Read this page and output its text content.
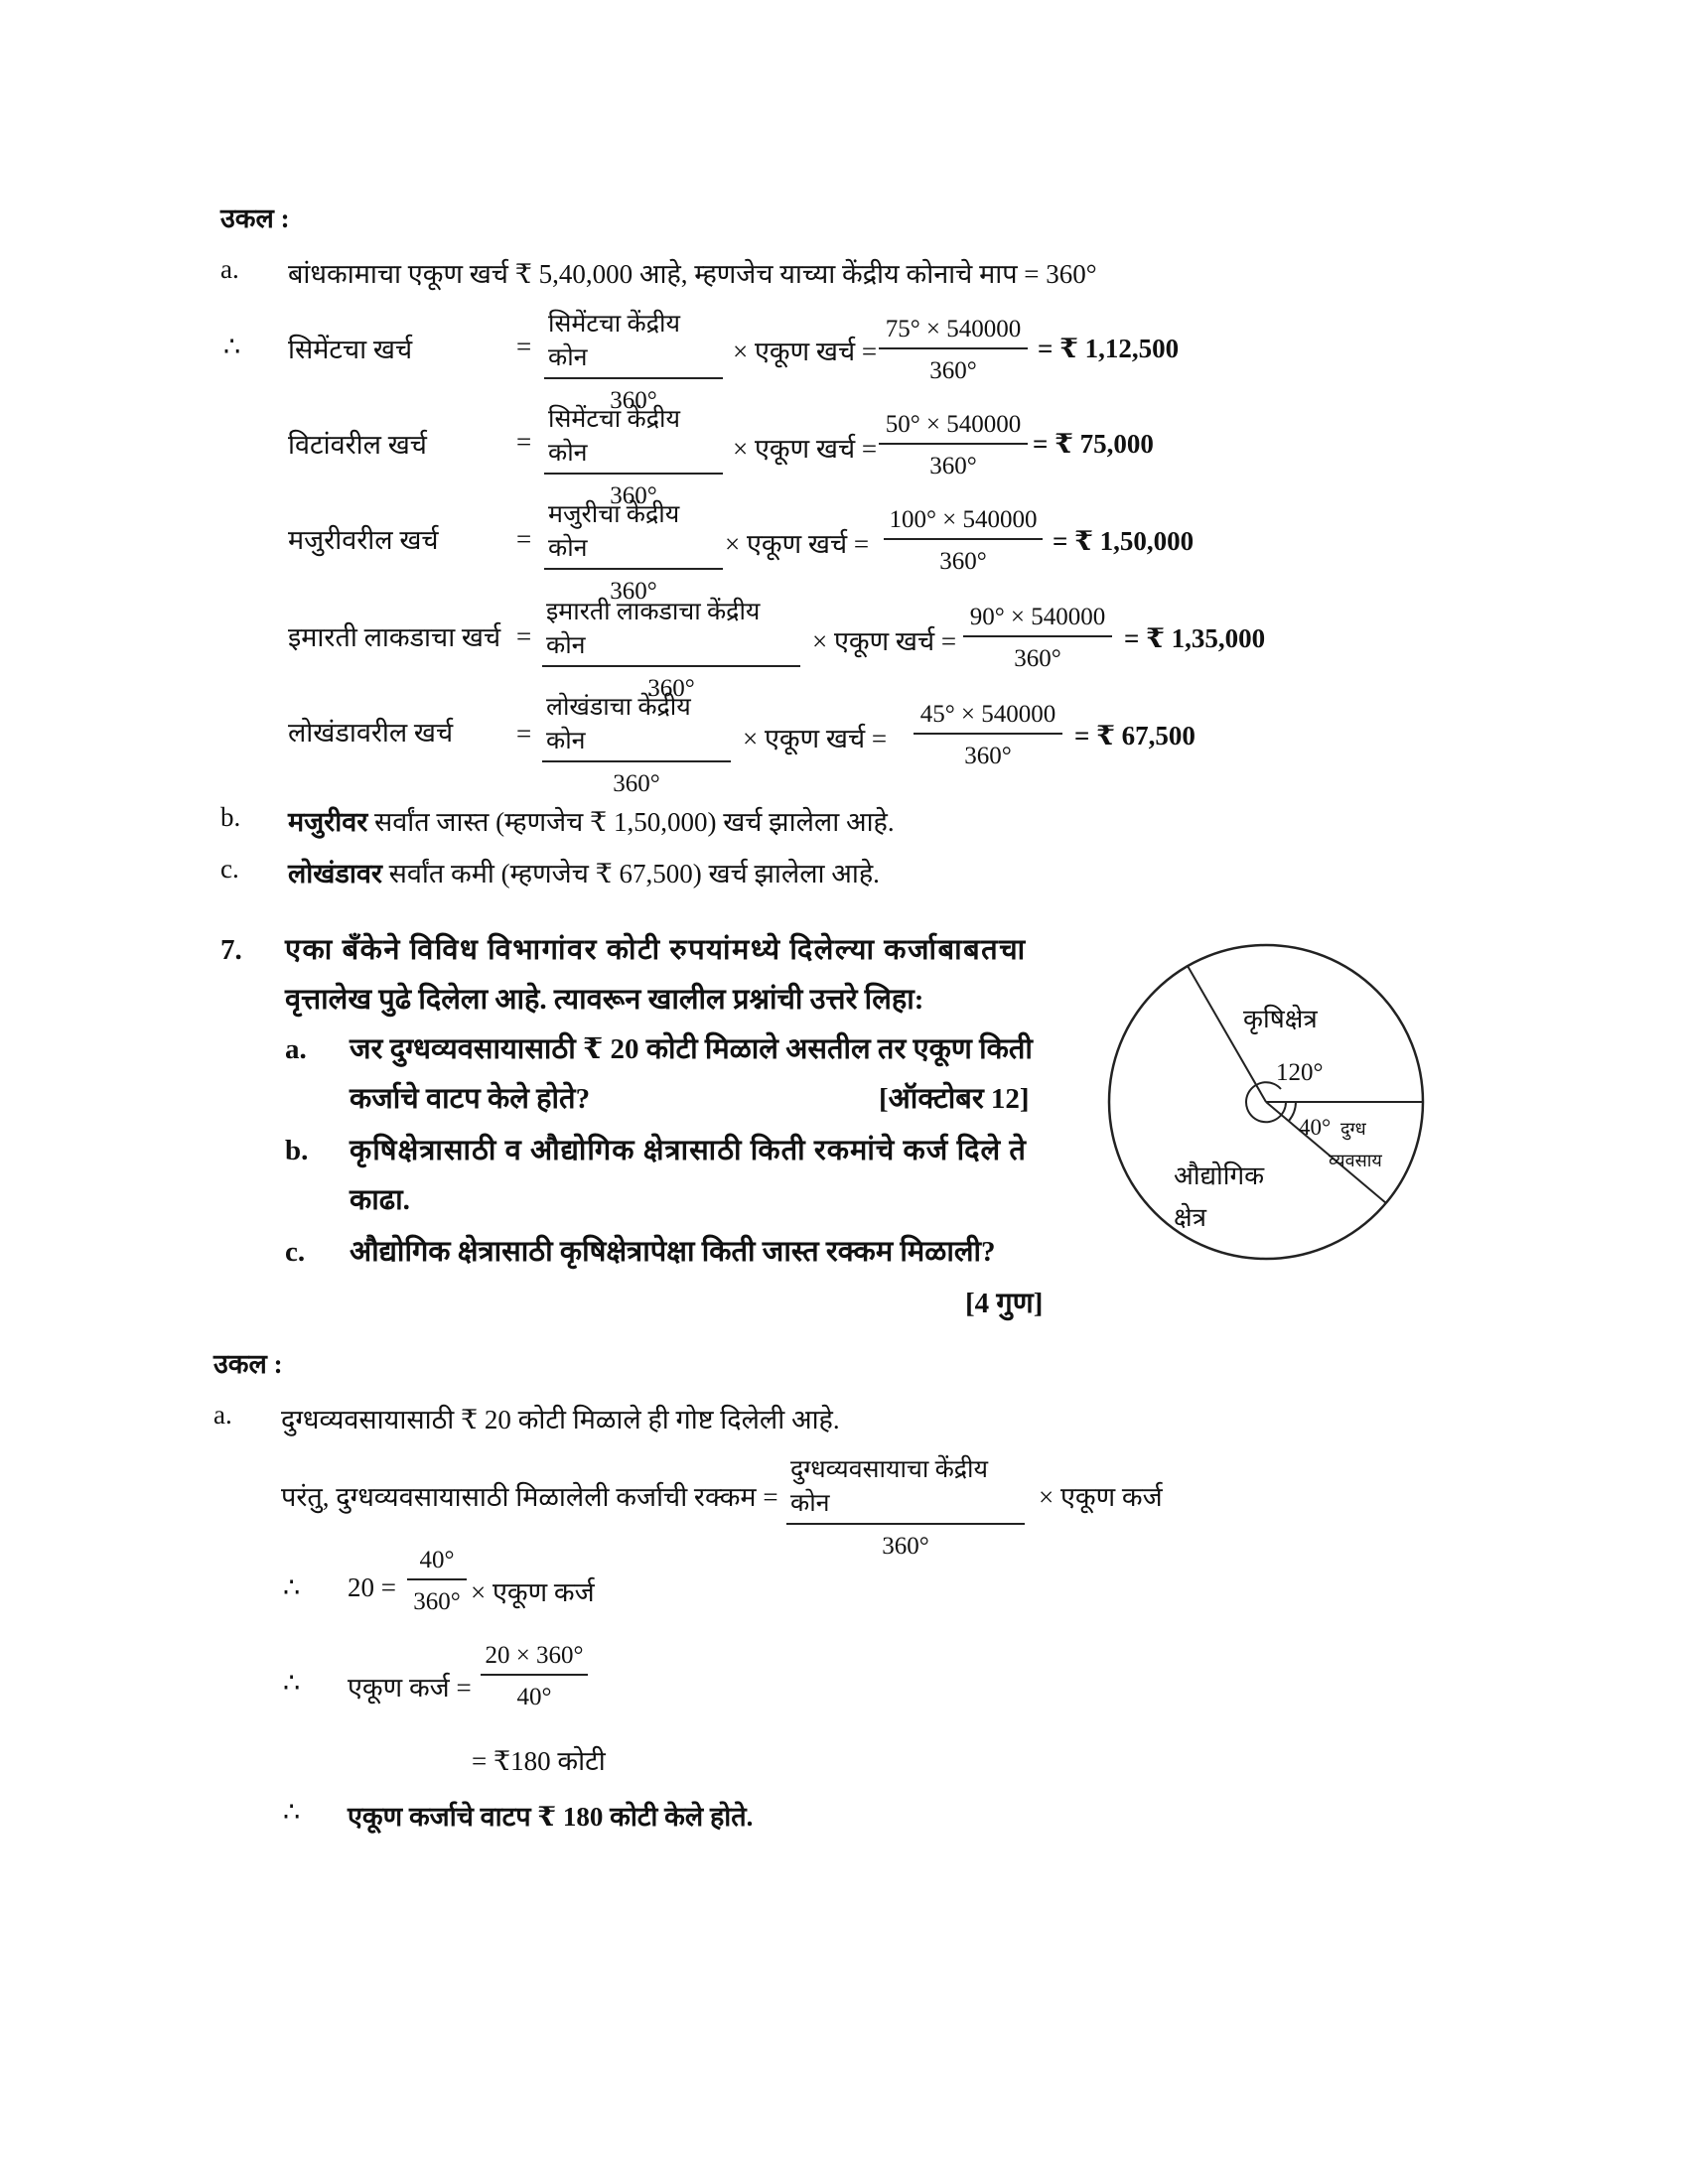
उकल :
a. बांधकामाचा एकूण खर्च ₹ 5,40,000 आहे, म्हणजेच याच्या केंद्रीय कोनाचे माप = 360°
∴ सिमेंटचा खर्च	=
सिमेंटचा केंद्रीय कोन
360°
× एकूण खर्च = $\frac{75^\circ \times 540000}{360^\circ}$ = ₹ 1,12,500
विटांवरील खर्च	=
सिमेंटचा केंद्रीय कोन
360°
× एकूण खर्च = $\frac{50^\circ \times 540000}{360^\circ}$ = ₹ 75,000
मजुरीवरील खर्च	=
मजुरीचा केंद्रीय कोन
360°
× एकूण खर्च = $\frac{100^\circ \times 540000}{360^\circ}$ = ₹ 1,50,000
इमारती लाकडाचा खर्च =
इमारती लाकडाचा केंद्रीय कोन
360°
× एकूण खर्च = $\frac{90^\circ \times 540000}{360^\circ}$ = ₹ 1,35,000
लोखंडावरील खर्च =
लोखंडाचा केंद्रीय कोन
360°
× एकूण खर्च = $\frac{45^\circ \times 540000}{360^\circ}$ = ₹ 67,500
b. मजुरीवर सर्वांत जास्त (म्हणजेच ₹ 1,50,000) खर्च झालेला आहे.
c. लोखंडावर सर्वांत कमी (म्हणजेच ₹ 67,500) खर्च झालेला आहे.
7. एका बँकेने विविध विभागांवर कोटी रुपयांमध्ये दिलेल्या कर्जाबाबतचा
वृत्तालेख पुढे दिलेला आहे. त्यावरून खालील प्रश्नांची उत्तरे लिहा:
a. जर दुग्धव्यवसायासाठी ₹ 20 कोटी मिळाले असतील तर एकूण किती
कर्जाचे वाटप केले होते?	[ऑक्टोबर 12]
b. कृषिक्षेत्रासाठी व औद्योगिक क्षेत्रासाठी किती रकमांचे कर्ज दिले ते
काढा.
c. औद्योगिक क्षेत्रासाठी कृषिक्षेत्रापेक्षा किती जास्त रक्कम मिळाली?
[4 गुण]
कृषिक्षेत्र
120°
40° दुग्ध
व्यवसाय
औद्योगिक
क्षेत्र
उकल :
a. दुग्धव्यवसायासाठी ₹ 20 कोटी मिळाले ही गोष्ट दिलेली आहे.
परंतु, दुग्धव्यवसायासाठी मिळालेली कर्जाची रक्कम =
दुग्धव्यवसायाचा केंद्रीय कोन
360°
× एकूण कर्ज
∴ $20 = \frac{40^\circ}{360^\circ}$ × एकूण कर्ज
∴ एकूण कर्ज = $\frac{20 \times 360^\circ}{40^\circ}$
= ₹180 कोटी
∴ एकूण कर्जाचे वाटप ₹ 180 कोटी केले होते.
